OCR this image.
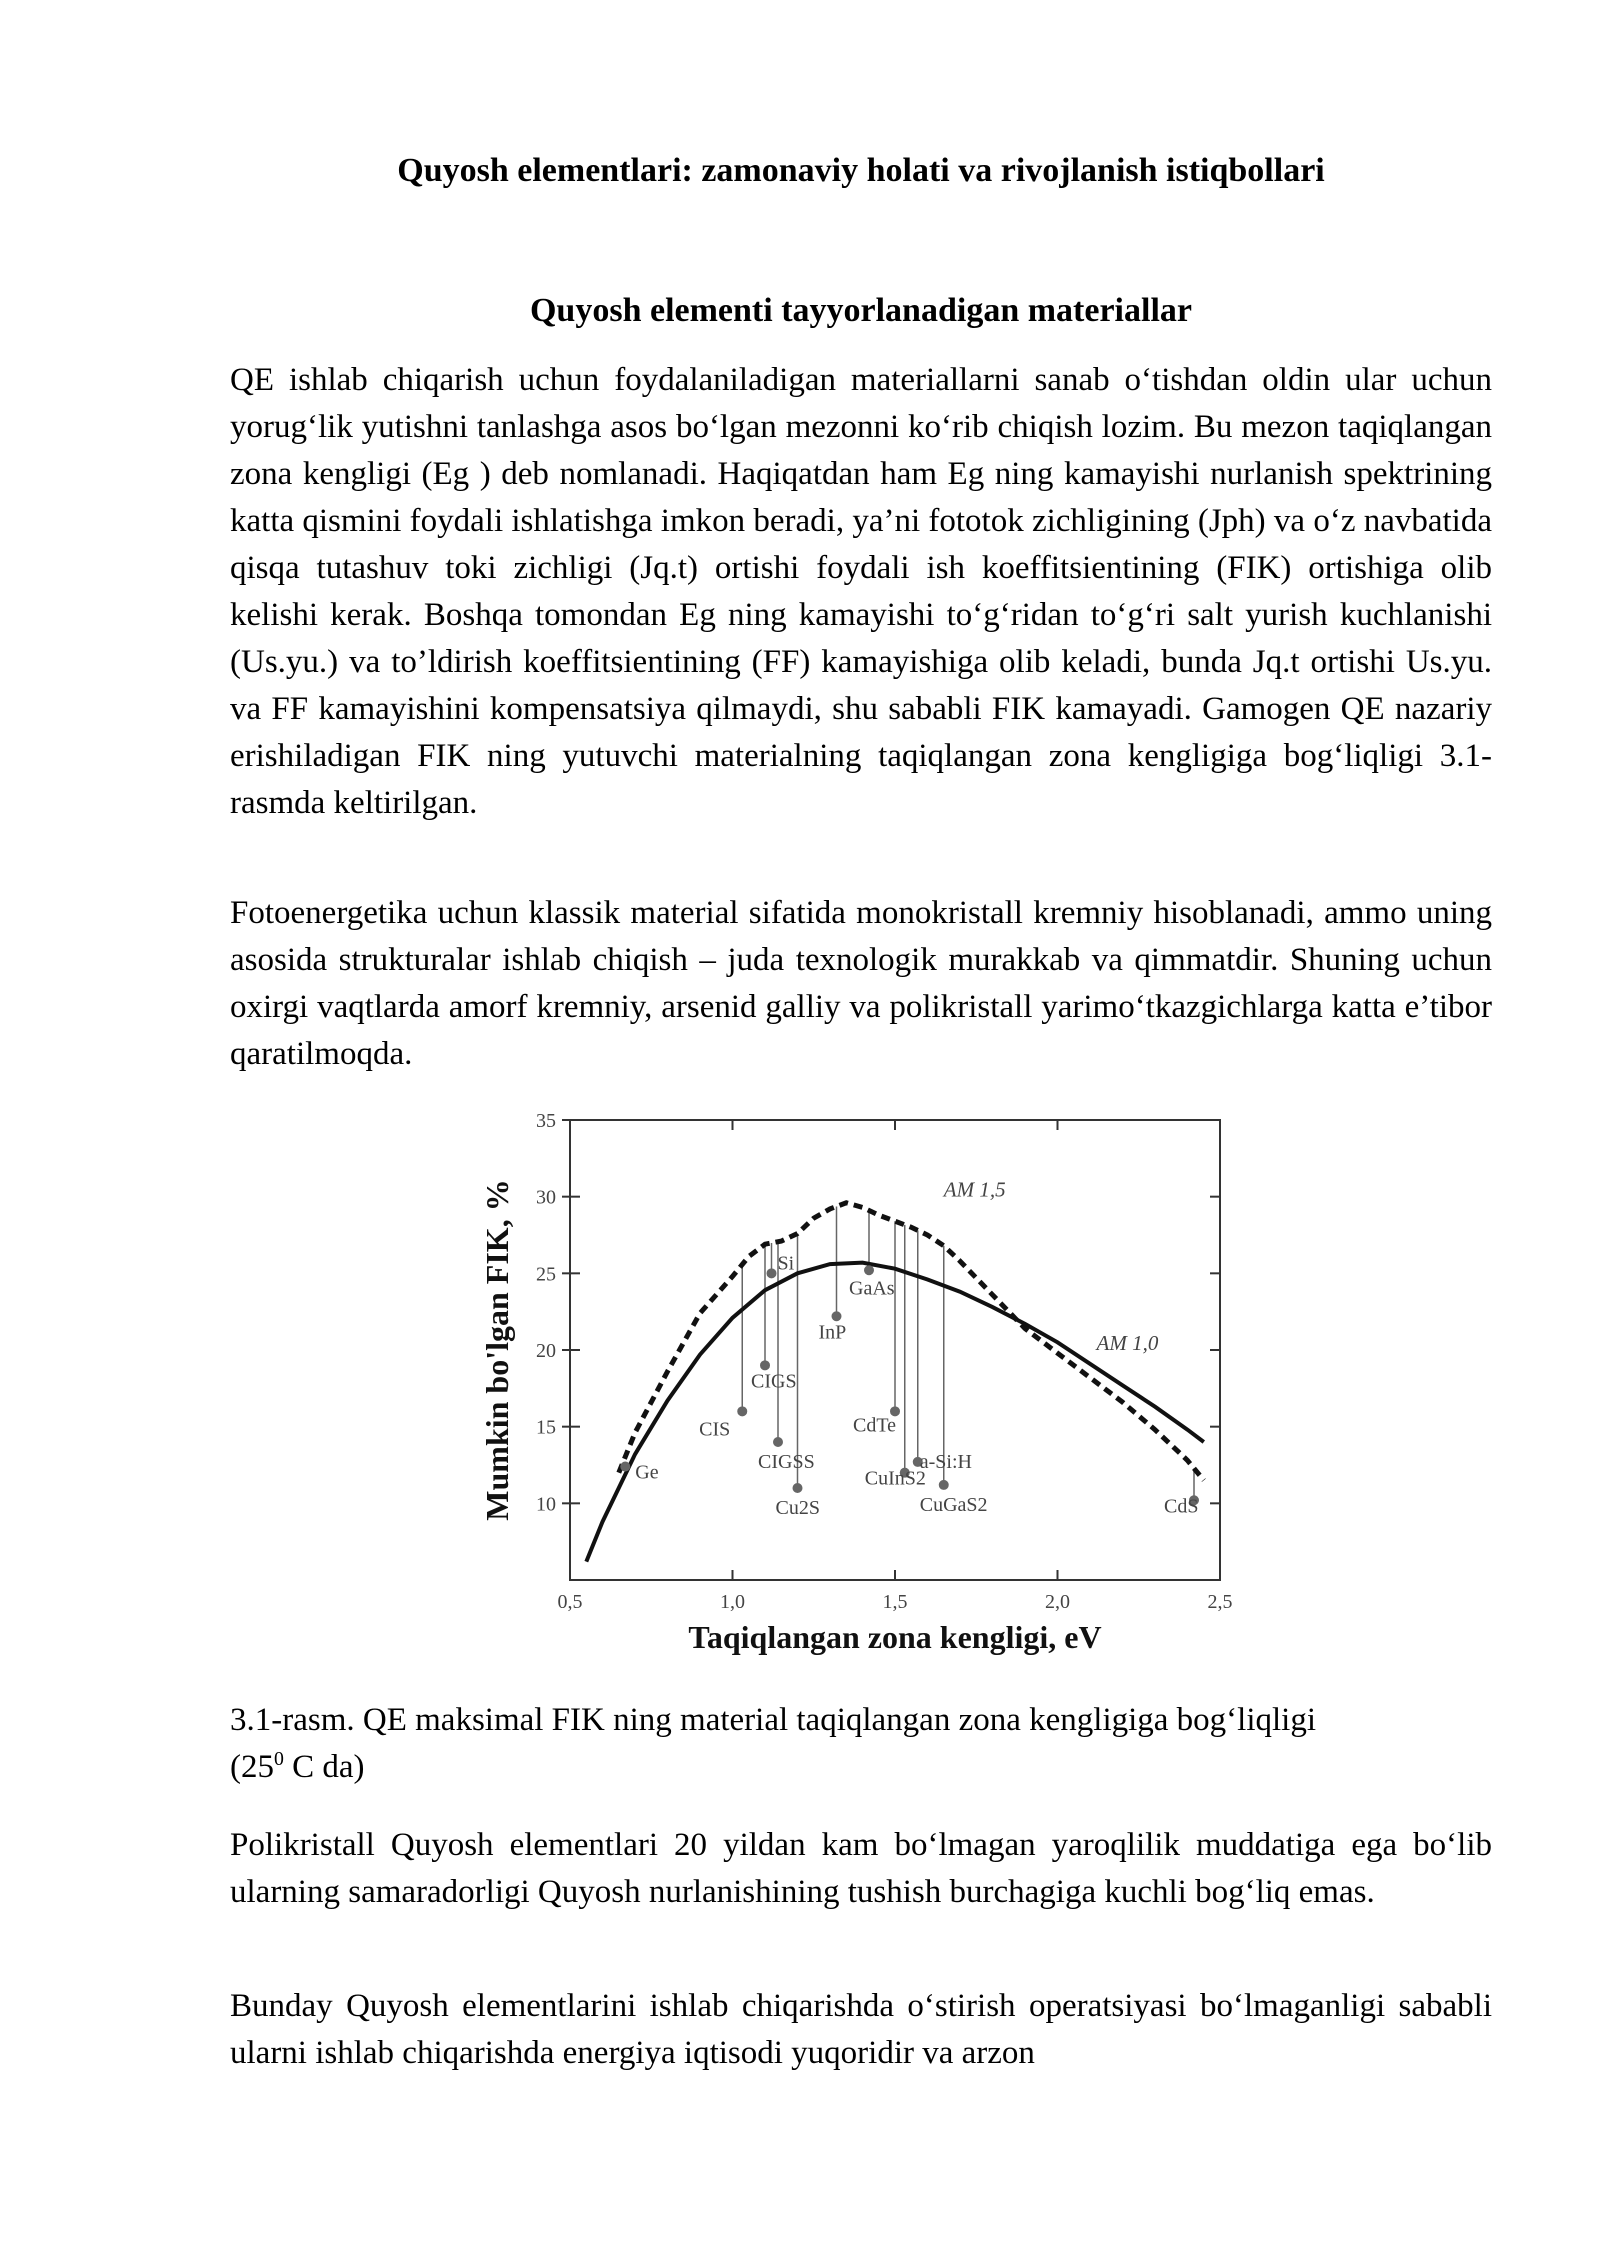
Quyosh elementlari: zamonaviy holati va rivojlanish istiqbollari
Quyosh elementi tayyorlanadigan materiallar

QE ishlab chiqarish uchun foydalaniladigan materiallarni sanab o‘tishdan oldin ular uchun yorug‘lik yutishni tanlashga asos bo‘lgan mezonni ko‘rib chiqish lozim. Bu mezon taqiqlangan zona kengligi (Eg ) deb nomlanadi. Haqiqatdan ham Eg ning kamayishi nurlanish spektrining katta qismini foydali ishlatishga imkon beradi, ya’ni fototok zichligining (Jph) va o‘z navbatida qisqa tutashuv toki zichligi (Jq.t) ortishi foydali ish koeffitsientining (FIK) ortishiga olib kelishi kerak. Boshqa tomondan Eg ning kamayishi to‘g‘ridan to‘g‘ri salt yurish kuchlanishi (Us.yu.) va to’ldirish koeffitsientining (FF) kamayishiga olib keladi, bunda Jq.t ortishi Us.yu. va FF kamayishini kompensatsiya qilmaydi, shu sababli FIK kamayadi. Gamogen QE nazariy erishiladigan FIK ning yutuvchi materialning taqiqlangan zona kengligiga bog‘liqligi 3.1-rasmda keltirilgan.

Fotoenergetika uchun klassik material sifatida monokristall kremniy hisoblanadi, ammo uning asosida strukturalar ishlab chiqish – juda texnologik murakkab va qimmatdir. Shuning uchun oxirgi vaqtlarda amorf kremniy, arsenid galliy va polikristall yarimo‘tkazgichlarga katta e’tibor qaratilmoqda.

0,5	1,0	1,5	2,0	2,5
10
15
20
25
30
35
Taqiqlangan zona kengligi, eV
Mumkin bo'lgan FIK, %	AM 1,5
AM 1,0
Ge
Si
GaAs
InP
CIGS
CIS
CIGSS
Cu2S
CdTe
CuInS2
a-Si:H
CuGaS2	CdS

3.1-rasm. QE maksimal FIK ning material taqiqlangan zona kengligiga bog‘liqligi
($25^0$ C da)

Polikristall Quyosh elementlari 20 yildan kam bo‘lmagan yaroqlilik muddatiga ega bo‘lib ularning samaradorligi Quyosh nurlanishining tushish burchagiga kuchli bog‘liq emas.

Bunday Quyosh elementlarini ishlab chiqarishda o‘stirish operatsiyasi bo‘lmaganligi sababli ularni ishlab chiqarishda energiya iqtisodi yuqoridir va arzon
